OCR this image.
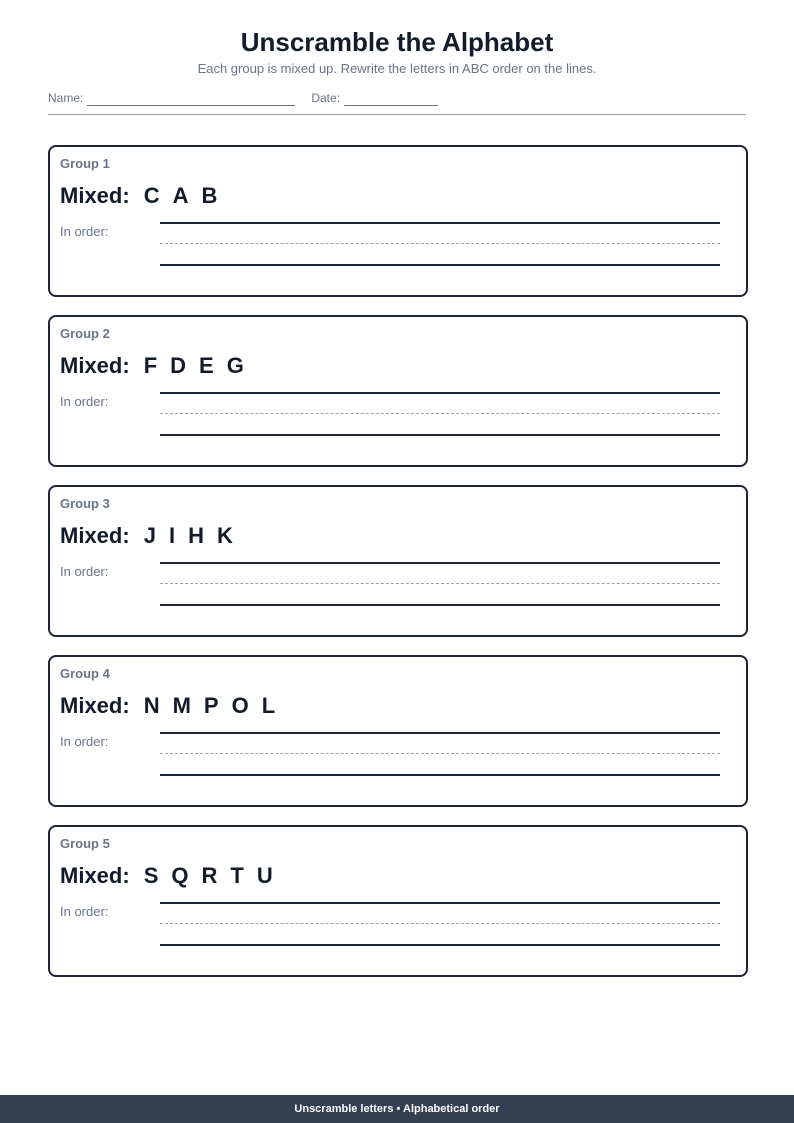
Unscramble the Alphabet
Each group is mixed up. Rewrite the letters in ABC order on the lines.
Name:	Date:
Group 1
Mixed: C A B
In order:
Group 2
Mixed: F D E G
In order:
Group 3
Mixed: J I H K
In order:
Group 4
Mixed: N M P O L
In order:
Group 5
Mixed: S Q R T U
In order:
Unscramble letters • Alphabetical order
